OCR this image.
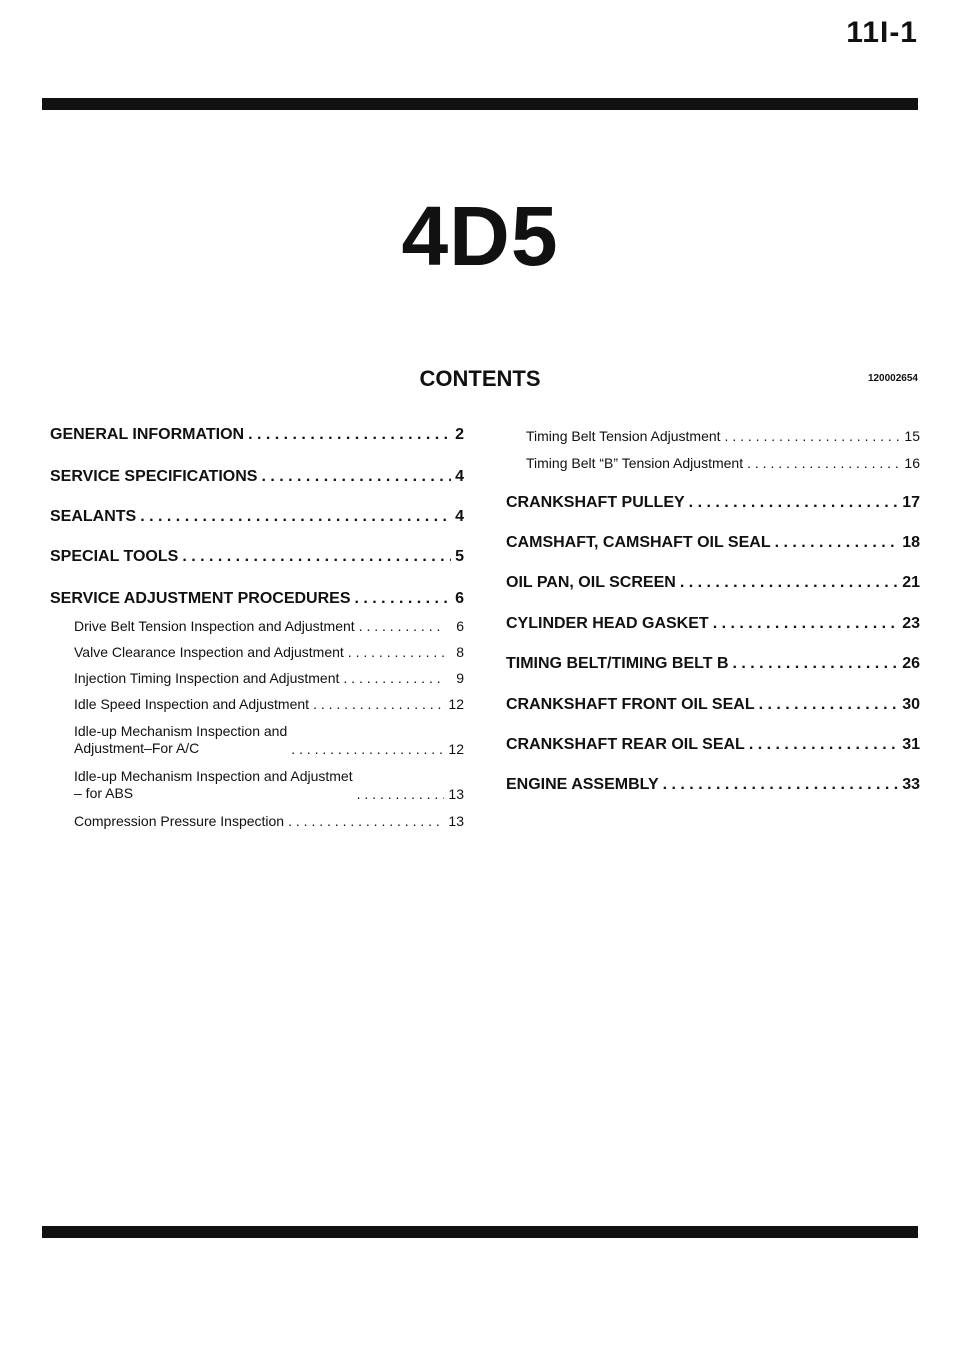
11I-1
4D5
CONTENTS	120002654
GENERAL INFORMATION . . .	2
SERVICE SPECIFICATIONS . . .	4
SEALANTS . . .	4
SPECIAL TOOLS . . .	5
SERVICE ADJUSTMENT PROCEDURES . . .	6
Drive Belt Tension Inspection and Adjustment . . .	6
Valve Clearance Inspection and Adjustment . . .	8
Injection Timing Inspection and Adjustment . . .	9
Idle Speed Inspection and Adjustment . . .	12
Idle-up Mechanism Inspection and
Adjustment–For A/C . . .	12
Idle-up Mechanism Inspection and Adjustmet
– for ABS . . .	13
Compression Pressure Inspection . . .	13
Timing Belt Tension Adjustment . . .	15
Timing Belt “B” Tension Adjustment . . .	16
CRANKSHAFT PULLEY . . .	17
CAMSHAFT, CAMSHAFT OIL SEAL . . .	18
OIL PAN, OIL SCREEN . . .	21
CYLINDER HEAD GASKET . . .	23
TIMING BELT/TIMING BELT B . . .	26
CRANKSHAFT FRONT OIL SEAL . . .	30
CRANKSHAFT REAR OIL SEAL . . .	31
ENGINE ASSEMBLY . . .	33
